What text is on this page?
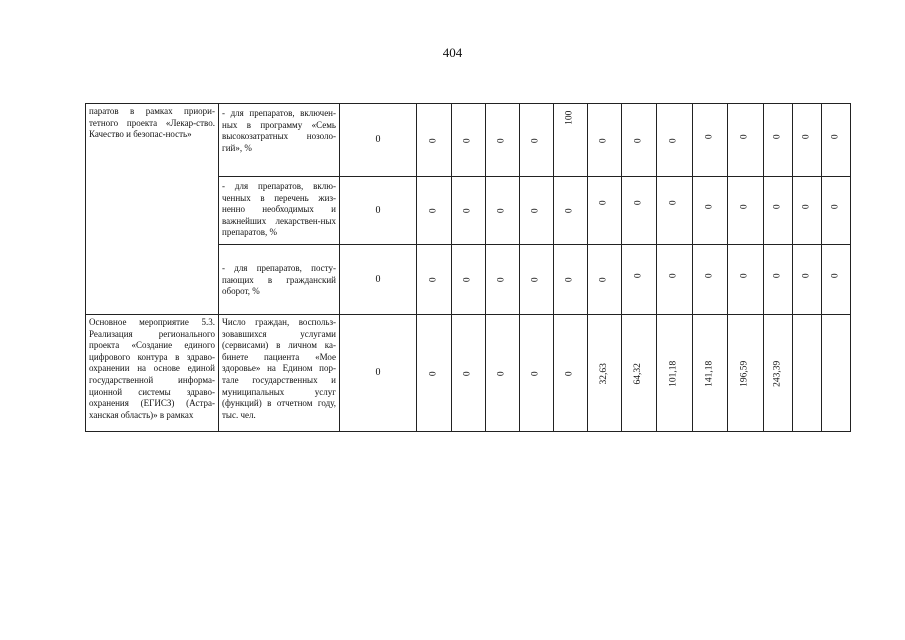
404
паратов в рамках приори-тетного проекта «Лекар-ство. Качество и безопас-ность»	- для препаратов, включен-ных в программу «Семь высокозатратных нозоло-гий», %	0	0	0	0	0	100	0	0	0	0	0	0	0	0
	- для препаратов, вклю-ченных в перечень жиз-ненно необходимых и важнейших лекарствен-ных препаратов, %	0	0	0	0	0	0	0	0	0	0	0	0	0	0
	- для препаратов, посту-пающих в гражданский оборот, %	0	0	0	0	0	0	0	0	0	0	0	0	0	0
Основное мероприятие 5.3. Реализация регионального проекта «Создание единого цифрового контура в здраво-охранении на основе единой государственной информа-ционной системы здраво-охранения (ЕГИСЗ) (Астра-ханская область)» в рамках	Число граждан, воспольз-зовавшихся услугами (сервисами) в личном ка-бинете пациента «Мое здоровье» на Едином пор-тале государственных и муниципальных услуг (функций) в отчетном году, тыс. чел.	0	0	0	0	0	0	32,63	64,32	101,18	141,18	196,59	243,39		
